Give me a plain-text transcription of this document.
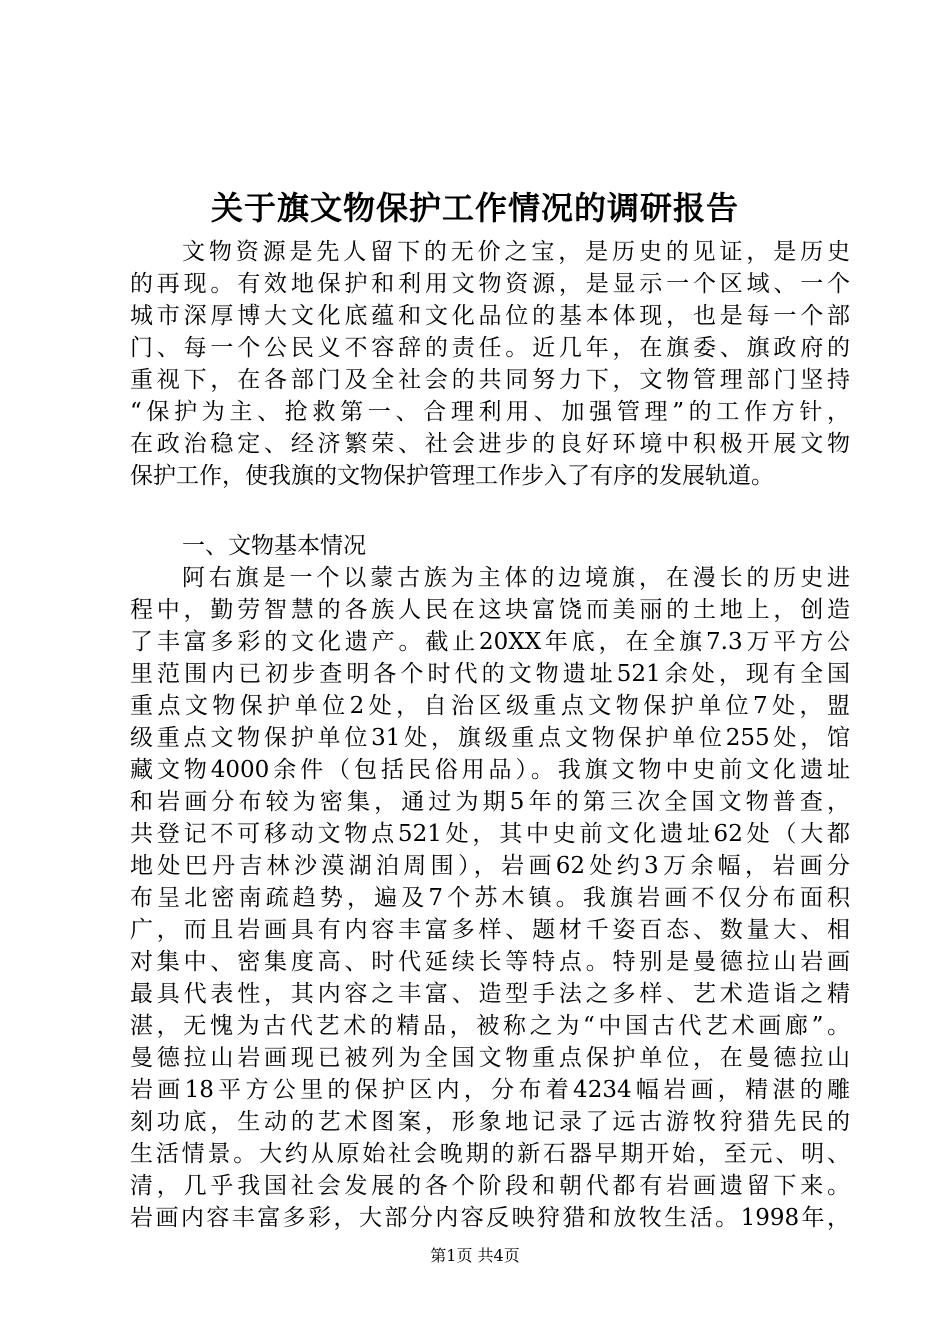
关于旗文物保护工作情况的调研报告
文物资源是先人留下的无价之宝，是历史的见证，是历史
的再现。有效地保护和利用文物资源，是显示一个区域、一个
城市深厚博大文化底蕴和文化品位的基本体现，也是每一个部
门、每一个公民义不容辞的责任。近几年，在旗委、旗政府的
重视下，在各部门及全社会的共同努力下，文物管理部门坚持
“保护为主、抢救第一、合理利用、加强管理”的工作方针，
在政治稳定、经济繁荣、社会进步的良好环境中积极开展文物
保护工作，使我旗的文物保护管理工作步入了有序的发展轨道。
一、文物基本情况
阿右旗是一个以蒙古族为主体的边境旗，在漫长的历史进
程中，勤劳智慧的各族人民在这块富饶而美丽的土地上，创造
了丰富多彩的文化遗产。截止20XX年底，在全旗7.3万平方公
里范围内已初步查明各个时代的文物遗址521余处，现有全国
重点文物保护单位2处，自治区级重点文物保护单位7处，盟
级重点文物保护单位31处，旗级重点文物保护单位255处，馆
藏文物4000余件（包括民俗用品）。我旗文物中史前文化遗址
和岩画分布较为密集，通过为期5年的第三次全国文物普查，
共登记不可移动文物点521处，其中史前文化遗址62处（大都
地处巴丹吉林沙漠湖泊周围），岩画62处约3万余幅，岩画分
布呈北密南疏趋势，遍及7个苏木镇。我旗岩画不仅分布面积
广，而且岩画具有内容丰富多样、题材千姿百态、数量大、相
对集中、密集度高、时代延续长等特点。特别是曼德拉山岩画
最具代表性，其内容之丰富、造型手法之多样、艺术造诣之精
湛，无愧为古代艺术的精品，被称之为“中国古代艺术画廊”。
曼德拉山岩画现已被列为全国文物重点保护单位，在曼德拉山
岩画18平方公里的保护区内，分布着4234幅岩画，精湛的雕
刻功底，生动的艺术图案，形象地记录了远古游牧狩猎先民的
生活情景。大约从原始社会晚期的新石器早期开始，至元、明、
清，几乎我国社会发展的各个阶段和朝代都有岩画遗留下来。
岩画内容丰富多彩，大部分内容反映狩猎和放牧生活。1998年，
第1页 共4页
